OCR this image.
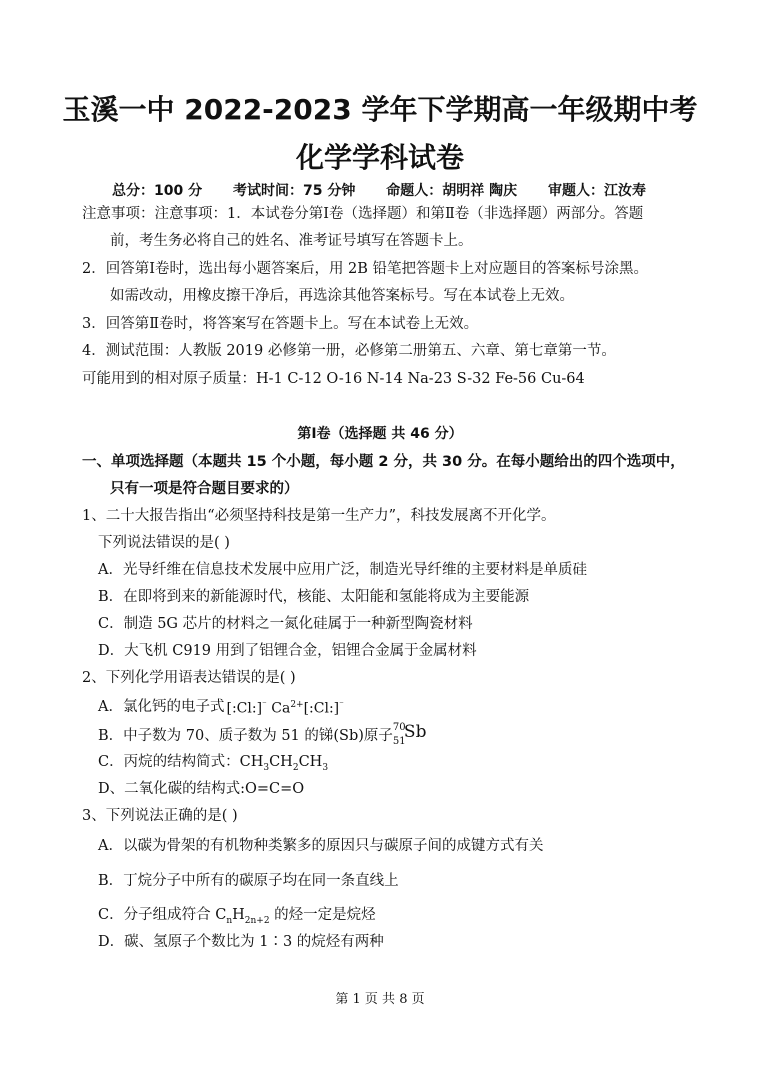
玉溪一中 2022-2023 学年下学期高一年级期中考
化学学科试卷
总分：100 分 考试时间：75 分钟 命题人：胡明祥 陶庆 审题人：江汝寿
注意事项：注意事项：1．本试卷分第Ⅰ卷（选择题）和第Ⅱ卷（非选择题）两部分。答题
前，考生务必将自己的姓名、准考证号填写在答题卡上。
2．回答第Ⅰ卷时，选出每小题答案后，用 2B 铅笔把答题卡上对应题目的答案标号涂黑。
如需改动，用橡皮擦干净后，再选涂其他答案标号。写在本试卷上无效。
3．回答第Ⅱ卷时，将答案写在答题卡上。写在本试卷上无效。
4．测试范围：人教版 2019 必修第一册，必修第二册第五、六章、第七章第一节。
可能用到的相对原子质量：H-1 C-12 O-16 N-14 Na-23 S-32 Fe-56 Cu-64
第Ⅰ卷（选择题 共 46 分）
一、单项选择题（本题共 15 个小题，每小题 2 分，共 30 分。在每小题给出的四个选项中，
只有一项是符合题目要求的）
1、二十大报告指出“必须坚持科技是第一生产力”，科技发展离不开化学。
下列说法错误的是( )
A．光导纤维在信息技术发展中应用广泛，制造光导纤维的主要材料是单质硅
B．在即将到来的新能源时代，核能、太阳能和氢能将成为主要能源
C．制造 5G 芯片的材料之一氮化硅属于一种新型陶瓷材料
D．大飞机 C919 用到了铝锂合金，铝锂合金属于金属材料
2、下列化学用语表达错误的是( )
A．氯化钙的电子式 [:Cl:]⁻ $Ca^{2+}[:Cl:]^{^-}$
B．中子数为 70、质子数为 51 的锑(Sb)原子
70
51
Sb
C．丙烷的结构简式：$CH_3CH_2CH_3$
D、二氧化碳的结构式:O=C=O
3、下列说法正确的是( )
A．以碳为骨架的有机物种类繁多的原因只与碳原子间的成键方式有关
B．丁烷分子中所有的碳原子均在同一条直线上
C．分子组成符合 $C_nH_{2n+2}$ 的烃一定是烷烃
D．碳、氢原子个数比为 1∶3 的烷烃有两种
第 1 页 共 8 页
